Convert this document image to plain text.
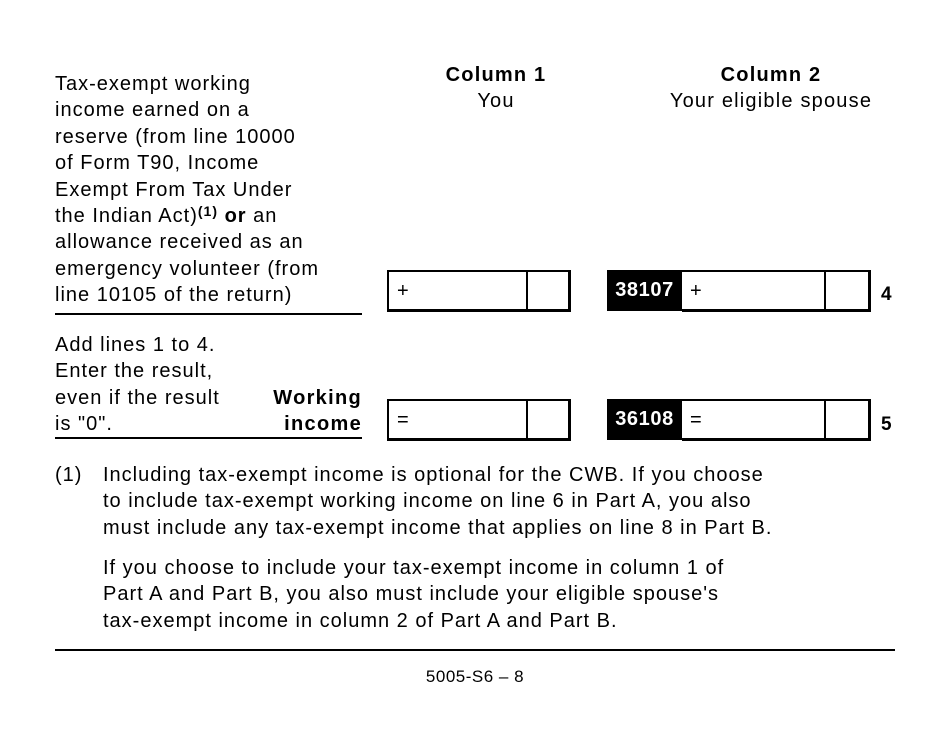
Column 1
You
Column 2
Your eligible spouse
Tax-exempt working
income earned on a
reserve (from line 10000
of Form T90, Income
Exempt From Tax Under
the Indian Act)$^{(1)}$ or an
allowance received as an
emergency volunteer (from
line 10105 of the return)	+	38107 +	4
Add lines 1 to 4.
Enter the result,
even if the result
is "0".
Working
income =	36108 =	5
(1) Including tax-exempt income is optional for the CWB. If you choose
to include tax-exempt working income on line 6 in Part A, you also
must include any tax-exempt income that applies on line 8 in Part B.
If you choose to include your tax-exempt income in column 1 of
Part A and Part B, you also must include your eligible spouse's
tax-exempt income in column 2 of Part A and Part B.
5005-S6 – 8
